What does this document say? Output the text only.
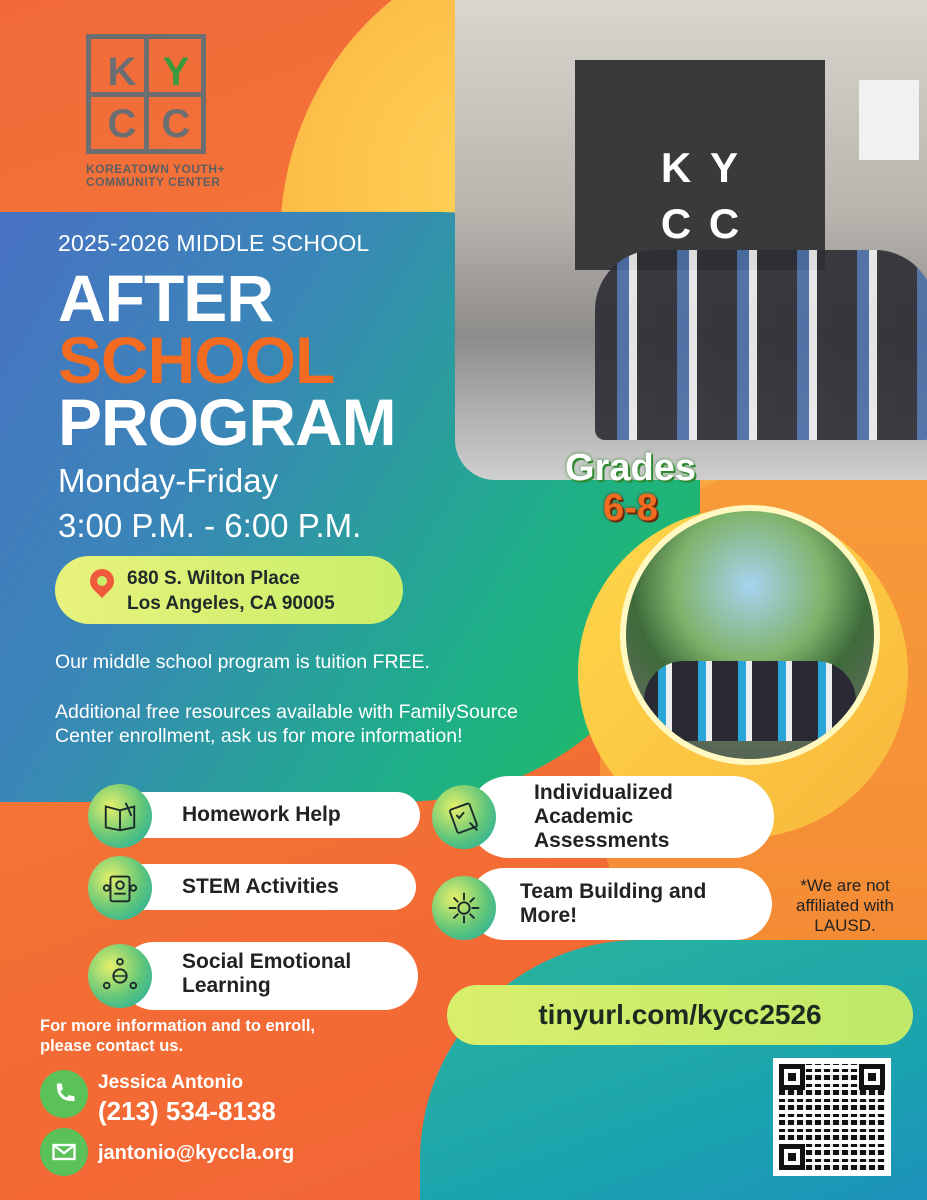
K Y
C C
KOREATOWN YOUTH+
COMMUNITY CENTER	K Y C C
2025-2026 MIDDLE SCHOOL
AFTER
SCHOOL
PROGRAM
Monday-Friday
3:00 P.M. - 6:00 P.M.
680 S. Wilton Place
Los Angeles, CA 90005
Our middle school program is tuition FREE.
Additional free resources available with FamilySource Center enrollment, ask us for more information!
Grades
6-8
Homework Help
Individualized Academic Assessments
STEM Activities	Team Building and More!
Social Emotional Learning
*We are not affiliated with LAUSD.
tinyurl.com/kycc2526
For more information and to enroll,
please contact us.
Jessica Antonio
(213) 534-8138
jantonio@kyccla.org
